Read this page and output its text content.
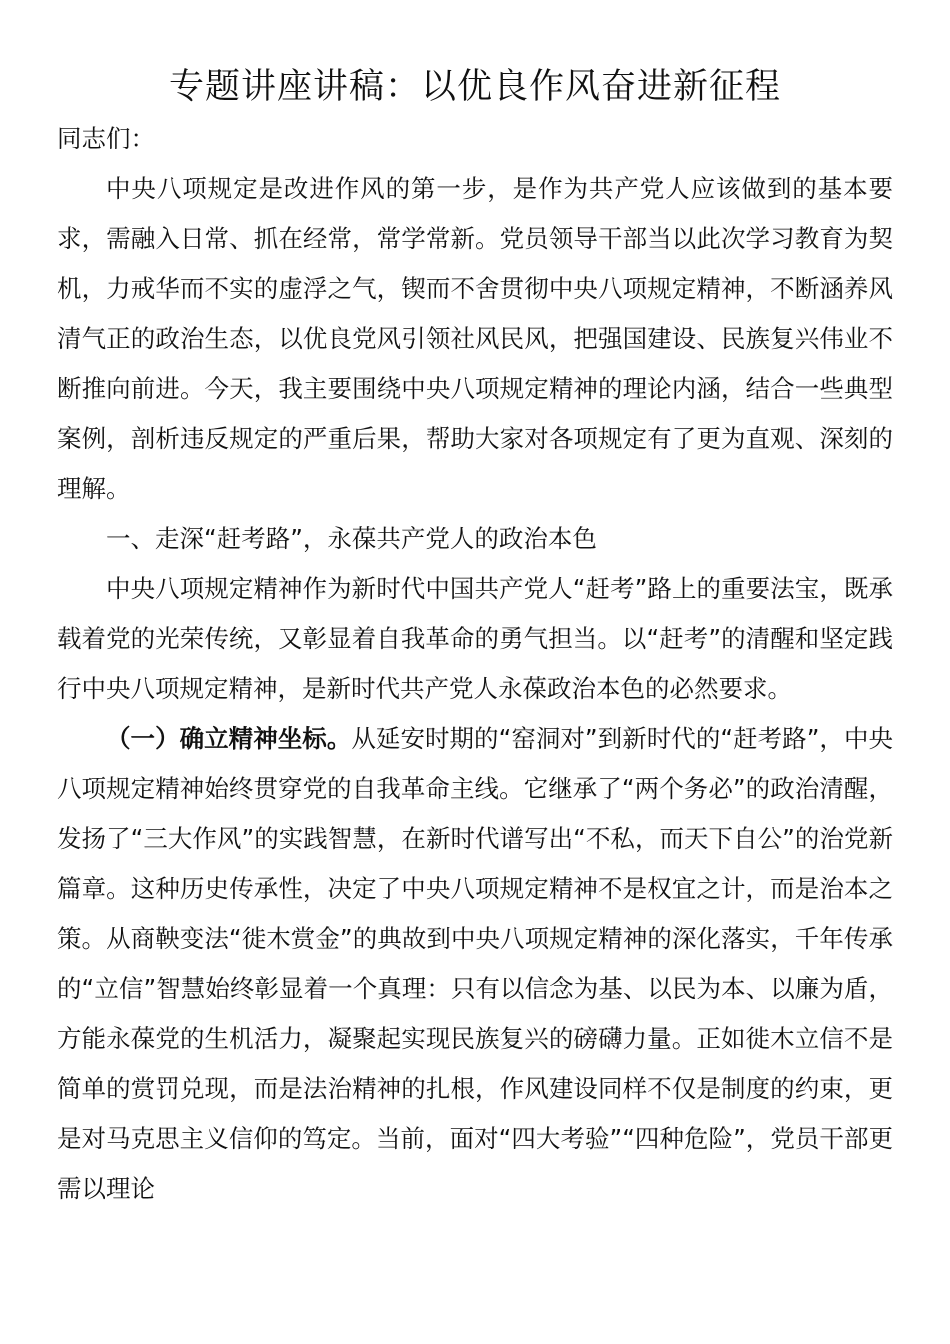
专题讲座讲稿：以优良作风奋进新征程

同志们：

中央八项规定是改进作风的第一步，是作为共产党人应该做到的基本要求，需融入日常、抓在经常，常学常新。党员领导干部当以此次学习教育为契机，力戒华而不实的虚浮之气，锲而不舍贯彻中央八项规定精神，不断涵养风清气正的政治生态，以优良党风引领社风民风，把强国建设、民族复兴伟业不断推向前进。今天，我主要围绕中央八项规定精神的理论内涵，结合一些典型案例，剖析违反规定的严重后果，帮助大家对各项规定有了更为直观、深刻的理解。

一、走深“赶考路”，永葆共产党人的政治本色

中央八项规定精神作为新时代中国共产党人“赶考”路上的重要法宝，既承载着党的光荣传统，又彰显着自我革命的勇气担当。以“赶考”的清醒和坚定践行中央八项规定精神，是新时代共产党人永葆政治本色的必然要求。

（一）确立精神坐标。从延安时期的“窑洞对”到新时代的“赶考路”，中央八项规定精神始终贯穿党的自我革命主线。它继承了“两个务必”的政治清醒，发扬了“三大作风”的实践智慧，在新时代谱写出“不私，而天下自公”的治党新篇章。这种历史传承性，决定了中央八项规定精神不是权宜之计，而是治本之策。从商鞅变法“徙木赏金”的典故到中央八项规定精神的深化落实，千年传承的“立信”智慧始终彰显着一个真理：只有以信念为基、以民为本、以廉为盾，方能永葆党的生机活力，凝聚起实现民族复兴的磅礴力量。正如徙木立信不是简单的赏罚兑现，而是法治精神的扎根，作风建设同样不仅是制度的约束，更是对马克思主义信仰的笃定。当前，面对“四大考验”“四种危险”，党员干部更需以理论
